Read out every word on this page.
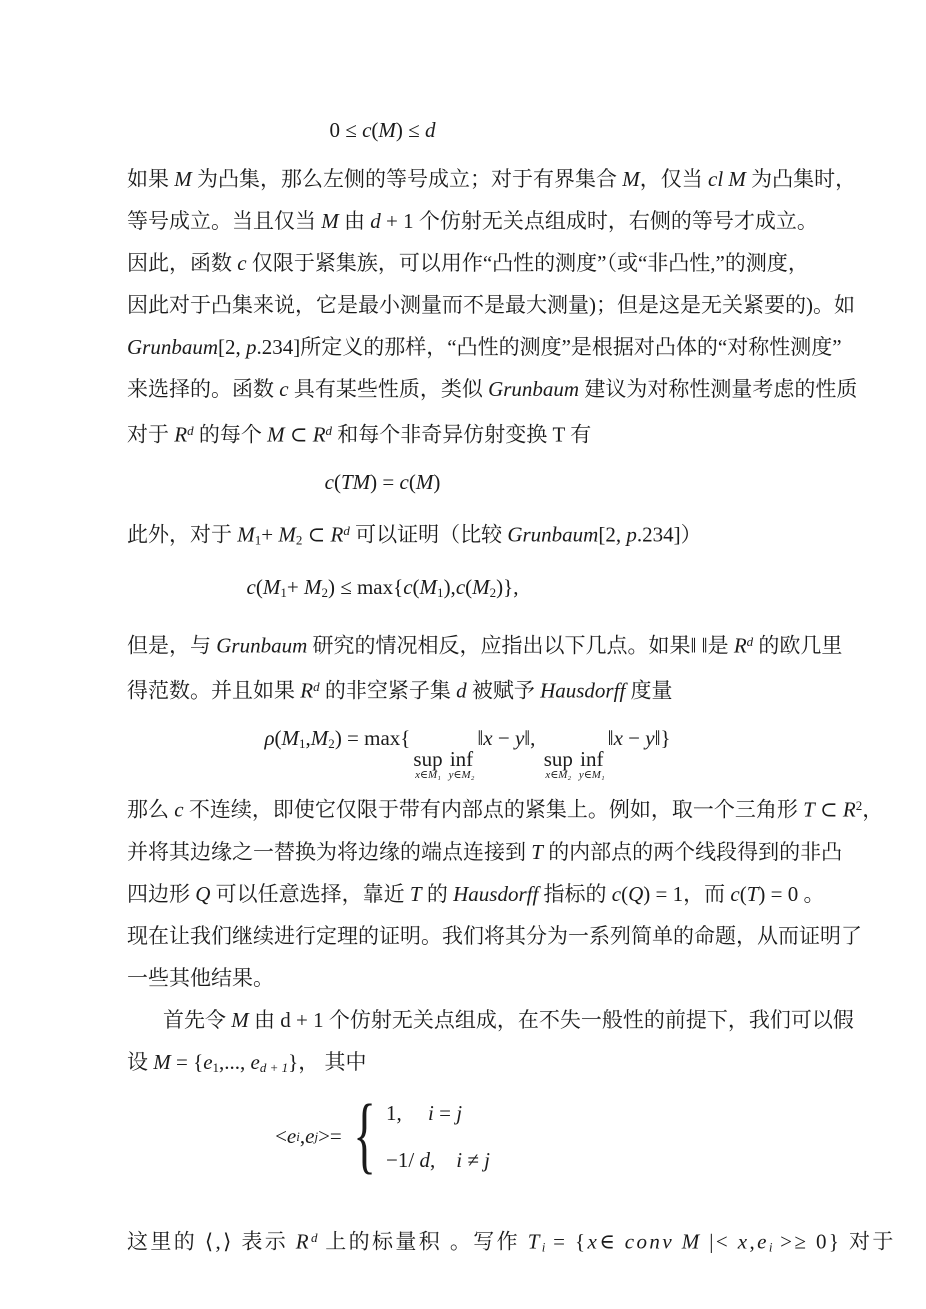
0 ≤ c(M) ≤ d
如果 M 为凸集，那么左侧的等号成立；对于有界集合 M，仅当 cl M 为凸集时，
等号成立。当且仅当 M 由 d + 1 个仿射无关点组成时，右侧的等号才成立。
因此，函数 c 仅限于紧集族，可以用作“凸性的测度”（或“非凸性,”的测度，
因此对于凸集来说，它是最小测量而不是最大测量)；但是这是无关紧要的)。如
Grunbaum[2, p.234]所定义的那样，“凸性的测度”是根据对凸体的“对称性测度”
来选择的。函数 c 具有某些性质，类似 Grunbaum 建议为对称性测量考虑的性质
对于 $R^d$ 的每个 M ⊂ $R^d$ 和每个非奇异仿射变换 T 有
c(TM) = c(M)
此外，对于 $M_1+ M_2$ ⊂ $R^d$ 可以证明（比较 Grunbaum[2, p.234]）
$c(M_1+ M_2) \le \max\{c(M_1),c(M_2)\}$,
但是，与 Grunbaum 研究的情况相反，应指出以下几点。如果‖ ‖是 $R^d$ 的欧几里
得范数。并且如果 $R^d$ 的非空紧子集 d 被赋予 Hausdorff 度量
$\rho(M_1,M_2) = \max${
sup
x∈M₁
inf
y∈M₂
‖x − y‖,
sup
x∈M₂
inf
y∈M₁
‖x − y‖}
那么 c 不连续，即使它仅限于带有内部点的紧集上。例如，取一个三角形 T ⊂ $R^2$，
并将其边缘之一替换为将边缘的端点连接到 T 的内部点的两个线段得到的非凸
四边形 Q 可以任意选择，靠近 T 的 Hausdorff 指标的 c(Q) = 1，而 c(T) = 0 。
现在让我们继续进行定理的证明。我们将其分为一系列简单的命题，从而证明了
一些其他结果。
首先令 M 由 d + 1 个仿射无关点组成，在不失一般性的前提下，我们可以假
设 $M = \{e_1$,..., $e_{d + 1}$}， 其中
< e i , e j >= { 1,　 i = j
−1/ d,　i ≠ j
这里的 ⟨,⟩ 表示 $R^d$ 上的标量积 。写作 $T_i$ = {x∈ conv M |< $x,e_i >\ge 0$} 对于
